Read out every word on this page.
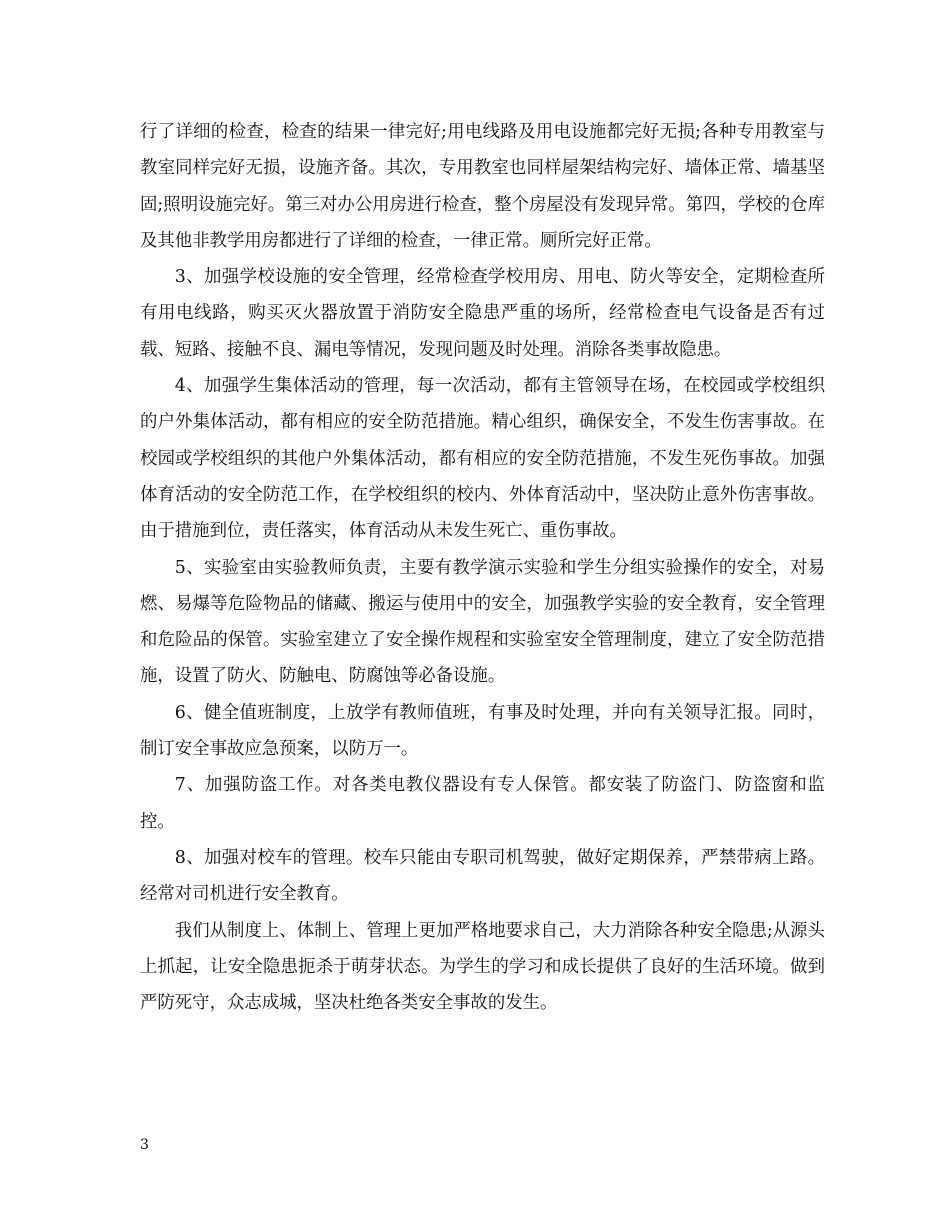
行了详细的检查，检查的结果一律完好;用电线路及用电设施都完好无损;各种专用教室与教室同样完好无损，设施齐备。其次，专用教室也同样屋架结构完好、墙体正常、墙基坚固;照明设施完好。第三对办公用房进行检查，整个房屋没有发现异常。第四，学校的仓库及其他非教学用房都进行了详细的检查，一律正常。厕所完好正常。

3、加强学校设施的安全管理，经常检查学校用房、用电、防火等安全，定期检查所有用电线路，购买灭火器放置于消防安全隐患严重的场所，经常检查电气设备是否有过载、短路、接触不良、漏电等情况，发现问题及时处理。消除各类事故隐患。

4、加强学生集体活动的管理，每一次活动，都有主管领导在场，在校园或学校组织的户外集体活动，都有相应的安全防范措施。精心组织，确保安全，不发生伤害事故。在校园或学校组织的其他户外集体活动，都有相应的安全防范措施，不发生死伤事故。加强体育活动的安全防范工作，在学校组织的校内、外体育活动中，坚决防止意外伤害事故。由于措施到位，责任落实，体育活动从未发生死亡、重伤事故。

5、实验室由实验教师负责，主要有教学演示实验和学生分组实验操作的安全，对易燃、易爆等危险物品的储藏、搬运与使用中的安全，加强教学实验的安全教育，安全管理和危险品的保管。实验室建立了安全操作规程和实验室安全管理制度，建立了安全防范措施，设置了防火、防触电、防腐蚀等必备设施。

6、健全值班制度，上放学有教师值班，有事及时处理，并向有关领导汇报。同时，制订安全事故应急预案，以防万一。

7、加强防盗工作。对各类电教仪器设有专人保管。都安装了防盗门、防盗窗和监控。

8、加强对校车的管理。校车只能由专职司机驾驶，做好定期保养，严禁带病上路。经常对司机进行安全教育。

我们从制度上、体制上、管理上更加严格地要求自己，大力消除各种安全隐患;从源头上抓起，让安全隐患扼杀于萌芽状态。为学生的学习和成长提供了良好的生活环境。做到严防死守，众志成城，坚决杜绝各类安全事故的发生。

3
